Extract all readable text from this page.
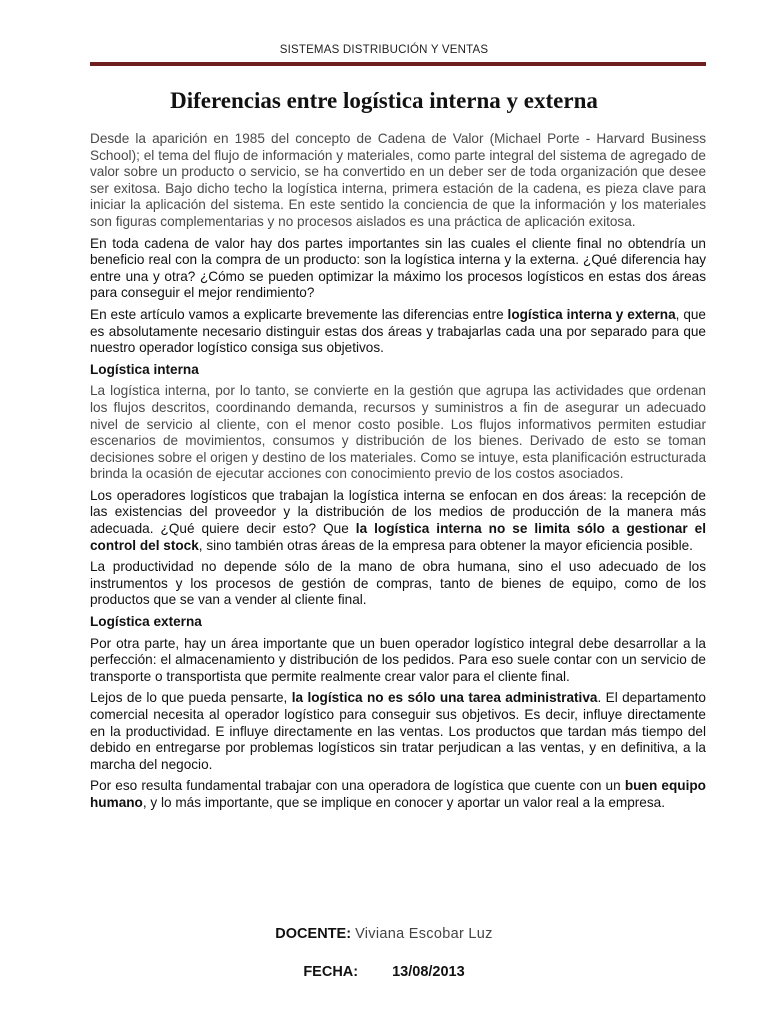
SISTEMAS DISTRIBUCIÓN Y VENTAS
Diferencias entre logística interna y externa

Desde la aparición en 1985 del concepto de Cadena de Valor (Michael Porte - Harvard Business School); el tema del flujo de información y materiales, como parte integral del sistema de agregado de valor sobre un producto o servicio, se ha convertido en un deber ser de toda organización que desee ser exitosa. Bajo dicho techo la logística interna, primera estación de la cadena, es pieza clave para iniciar la aplicación del sistema. En este sentido la conciencia de que la información y los materiales son figuras complementarias y no procesos aislados es una práctica de aplicación exitosa.

En toda cadena de valor hay dos partes importantes sin las cuales el cliente final no obtendría un beneficio real con la compra de un producto: son la logística interna y la externa. ¿Qué diferencia hay entre una y otra? ¿Cómo se pueden optimizar la máximo los procesos logísticos en estas dos áreas para conseguir el mejor rendimiento?

En este artículo vamos a explicarte brevemente las diferencias entre logística interna y externa, que es absolutamente necesario distinguir estas dos áreas y trabajarlas cada una por separado para que nuestro operador logístico consiga sus objetivos.

Logística interna

La logística interna, por lo tanto, se convierte en la gestión que agrupa las actividades que ordenan los flujos descritos, coordinando demanda, recursos y suministros a fin de asegurar un adecuado nivel de servicio al cliente, con el menor costo posible. Los flujos informativos permiten estudiar escenarios de movimientos, consumos y distribución de los bienes. Derivado de esto se toman decisiones sobre el origen y destino de los materiales. Como se intuye, esta planificación estructurada brinda la ocasión de ejecutar acciones con conocimiento previo de los costos asociados.

Los operadores logísticos que trabajan la logística interna se enfocan en dos áreas: la recepción de las existencias del proveedor y la distribución de los medios de producción de la manera más adecuada. ¿Qué quiere decir esto? Que la logística interna no se limita sólo a gestionar el control del stock, sino también otras áreas de la empresa para obtener la mayor eficiencia posible.

La productividad no depende sólo de la mano de obra humana, sino el uso adecuado de los instrumentos y los procesos de gestión de compras, tanto de bienes de equipo, como de los productos que se van a vender al cliente final.

Logística externa

Por otra parte, hay un área importante que un buen operador logístico integral debe desarrollar a la perfección: el almacenamiento y distribución de los pedidos. Para eso suele contar con un servicio de transporte o transportista que permite realmente crear valor para el cliente final.

Lejos de lo que pueda pensarte, la logística no es sólo una tarea administrativa. El departamento comercial necesita al operador logístico para conseguir sus objetivos. Es decir, influye directamente en la productividad. E influye directamente en las ventas. Los productos que tardan más tiempo del debido en entregarse por problemas logísticos sin tratar perjudican a las ventas, y en definitiva, a la marcha del negocio.

Por eso resulta fundamental trabajar con una operadora de logística que cuente con un buen equipo humano, y lo más importante, que se implique en conocer y aportar un valor real a la empresa.

DOCENTE: Viviana Escobar Luz
FECHA: 13/08/2013
